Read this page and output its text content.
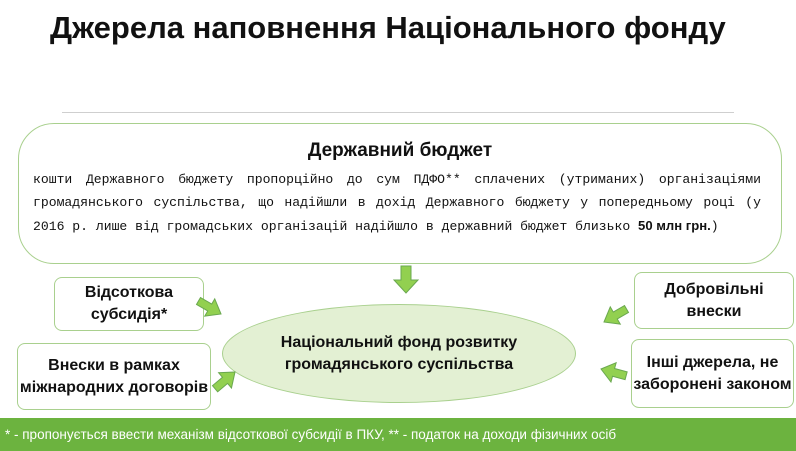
Джерела наповнення Національного фонду
Державний бюджет
кошти Державного бюджету пропорційно до сум ПДФО** сплачених (утриманих) організаціями громадянського суспільства, що надійшли в дохід Державного бюджету у попередньому році (у 2016 р. лише від громадських організацій надійшло в державний бюджет близько 50 млн грн.)
Відсоткова субсидія*
Внески в рамках міжнародних договорів
Добровільні внески
Інші джерела, не заборонені законом
Національний фонд розвитку громадянського суспільства
* - пропонується ввести механізм відсоткової субсидії в ПКУ, ** - податок на доходи фізичних осіб
